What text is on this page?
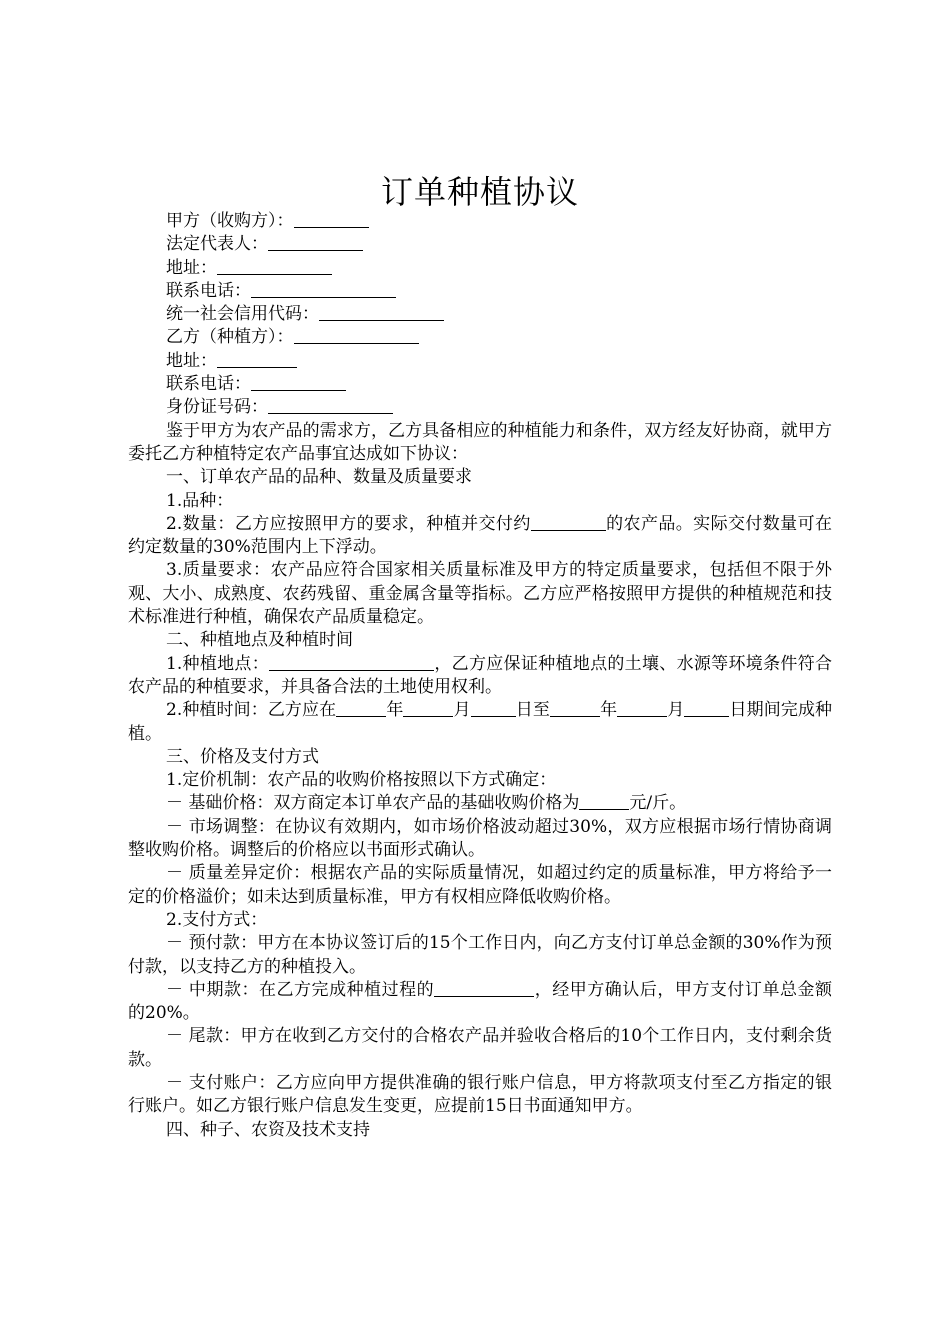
订单种植协议

甲方（收购方）：

法定代表人：

地址：

联系电话：

统一社会信用代码：

乙方（种植方）：

地址：

联系电话：

身份证号码：

鉴于甲方为农产品的需求方，乙方具备相应的种植能力和条件，双方经友好协商，就甲方委托乙方种植特定农产品事宜达成如下协议：

一、订单农产品的品种、数量及质量要求

1.品种：

2.数量：乙方应按照甲方的要求，种植并交付约	的农产品。实际交付数量可在约定数量的30%范围内上下浮动。

3.质量要求：农产品应符合国家相关质量标准及甲方的特定质量要求，包括但不限于外观、大小、成熟度、农药残留、重金属含量等指标。乙方应严格按照甲方提供的种植规范和技术标准进行种植，确保农产品质量稳定。

二、种植地点及种植时间

1.种植地点：	，乙方应保证种植地点的土壤、水源等环境条件符合农产品的种植要求，并具备合法的土地使用权利。

2.种植时间：乙方应在	年	月	日至	年	月	日期间完成种植。

三、价格及支付方式

1.定价机制：农产品的收购价格按照以下方式确定：

－ 基础价格：双方商定本订单农产品的基础收购价格为	元/斤。

－ 市场调整：在协议有效期内，如市场价格波动超过30%，双方应根据市场行情协商调整收购价格。调整后的价格应以书面形式确认。

－ 质量差异定价：根据农产品的实际质量情况，如超过约定的质量标准，甲方将给予一定的价格溢价；如未达到质量标准，甲方有权相应降低收购价格。

2.支付方式：

－ 预付款：甲方在本协议签订后的15个工作日内，向乙方支付订单总金额的30%作为预付款，以支持乙方的种植投入。

－ 中期款：在乙方完成种植过程的	，经甲方确认后，甲方支付订单总金额的20%。

－ 尾款：甲方在收到乙方交付的合格农产品并验收合格后的10个工作日内，支付剩余货款。

－ 支付账户：乙方应向甲方提供准确的银行账户信息，甲方将款项支付至乙方指定的银行账户。如乙方银行账户信息发生变更，应提前15日书面通知甲方。

四、种子、农资及技术支持
